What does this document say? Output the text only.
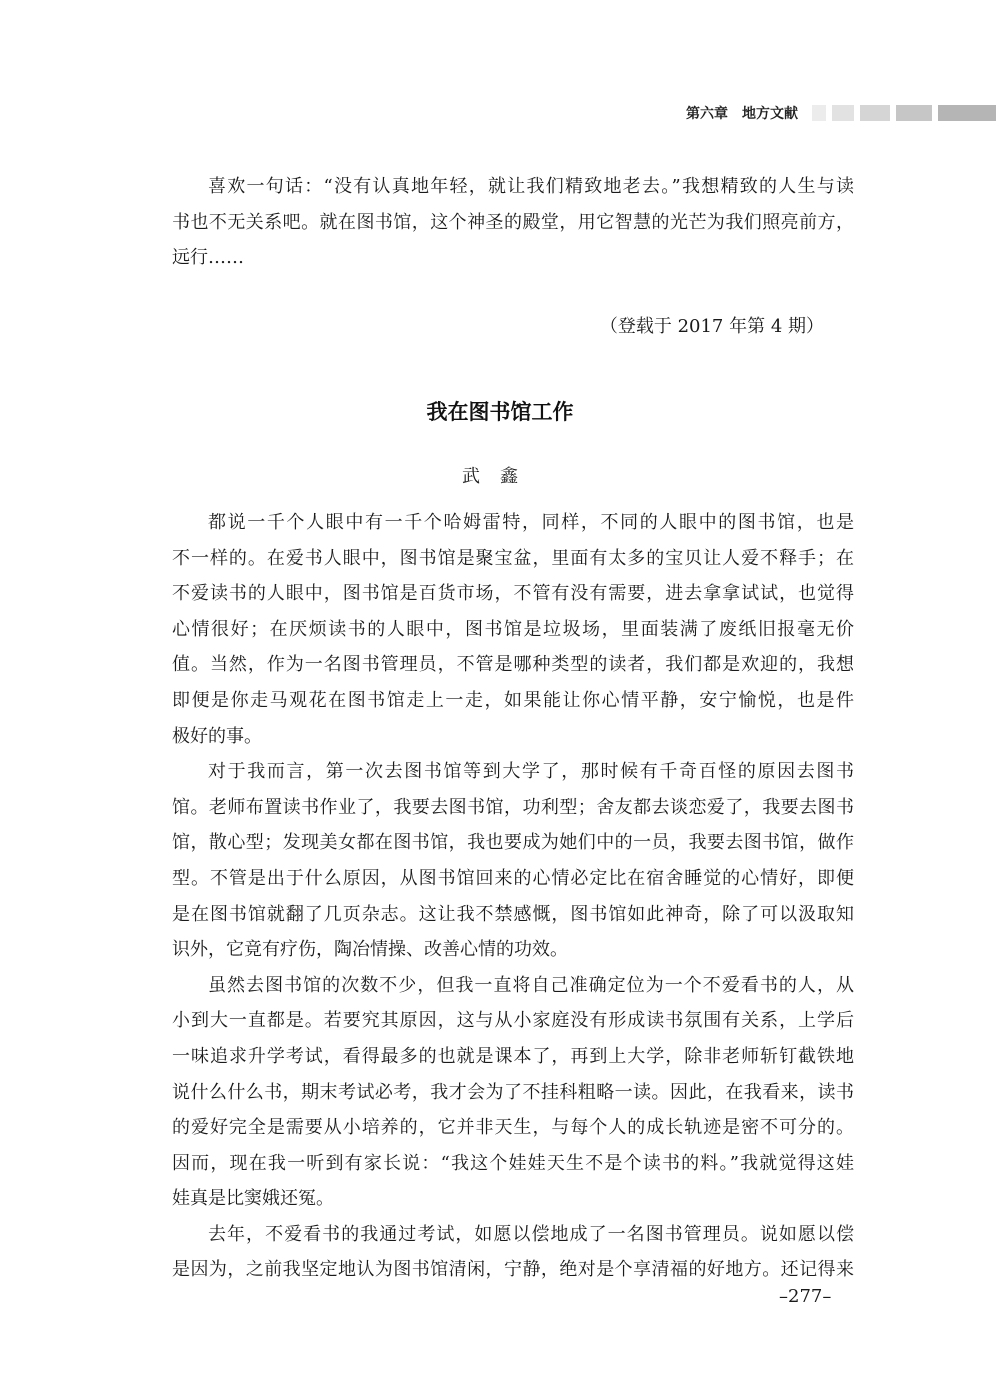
第六章　地方文献

喜欢一句话：“没有认真地年轻，就让我们精致地老去。”我想精致的人生与读
书也不无关系吧。就在图书馆，这个神圣的殿堂，用它智慧的光芒为我们照亮前方，
远行……

（登载于 2017 年第 4 期）
我在图书馆工作
武鑫

都说一千个人眼中有一千个哈姆雷特，同样，不同的人眼中的图书馆，也是
不一样的。在爱书人眼中，图书馆是聚宝盆，里面有太多的宝贝让人爱不释手；在
不爱读书的人眼中，图书馆是百货市场，不管有没有需要，进去拿拿试试，也觉得
心情很好；在厌烦读书的人眼中，图书馆是垃圾场，里面装满了废纸旧报毫无价
值。当然，作为一名图书管理员，不管是哪种类型的读者，我们都是欢迎的，我想
即便是你走马观花在图书馆走上一走，如果能让你心情平静，安宁愉悦，也是件
极好的事。

对于我而言，第一次去图书馆等到大学了，那时候有千奇百怪的原因去图书
馆。老师布置读书作业了，我要去图书馆，功利型；舍友都去谈恋爱了，我要去图书
馆，散心型；发现美女都在图书馆，我也要成为她们中的一员，我要去图书馆，做作
型。不管是出于什么原因，从图书馆回来的心情必定比在宿舍睡觉的心情好，即便
是在图书馆就翻了几页杂志。这让我不禁感慨，图书馆如此神奇，除了可以汲取知
识外，它竟有疗伤，陶冶情操、改善心情的功效。

虽然去图书馆的次数不少，但我一直将自己准确定位为一个不爱看书的人，从
小到大一直都是。若要究其原因，这与从小家庭没有形成读书氛围有关系，上学后
一味追求升学考试，看得最多的也就是课本了，再到上大学，除非老师斩钉截铁地
说什么什么书，期末考试必考，我才会为了不挂科粗略一读。因此，在我看来，读书
的爱好完全是需要从小培养的，它并非天生，与每个人的成长轨迹是密不可分的。
因而，现在我一听到有家长说：“我这个娃娃天生不是个读书的料。”我就觉得这娃
娃真是比窦娥还冤。

去年，不爱看书的我通过考试，如愿以偿地成了一名图书管理员。说如愿以偿
是因为，之前我坚定地认为图书馆清闲，宁静，绝对是个享清福的好地方。还记得来

–277–
